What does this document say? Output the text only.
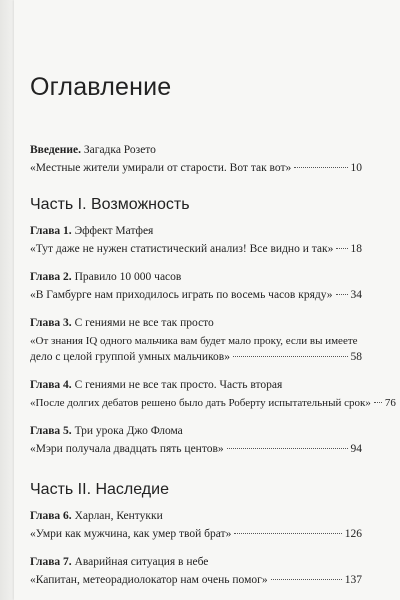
Оглавление
Введение. Загадка Розето
«Местные жители умирали от старости. Вот так вот»	10
Часть I. Возможность
Глава 1. Эффект Матфея
«Тут даже не нужен статистический анализ! Все видно и так» 18
Глава 2. Правило 10 000 часов
«В Гамбурге нам приходилось играть по восемь часов кряду» 34
Глава 3. С гениями не все так просто
«От знания IQ одного мальчика вам будет мало проку, если вы имеете
дело с целой группой умных мальчиков»	58
Глава 4. С гениями не все так просто. Часть вторая
«После долгих дебатов решено было дать Роберту испытательный срок» 76
Глава 5. Три урока Джо Флома
«Мэри получала двадцать пять центов»	94
Часть II. Наследие
Глава 6. Харлан, Кентукки
«Умри как мужчина, как умер твой брат»	126
Глава 7. Аварийная ситуация в небе
«Капитан, метеорадиолокатор нам очень помог»	137
